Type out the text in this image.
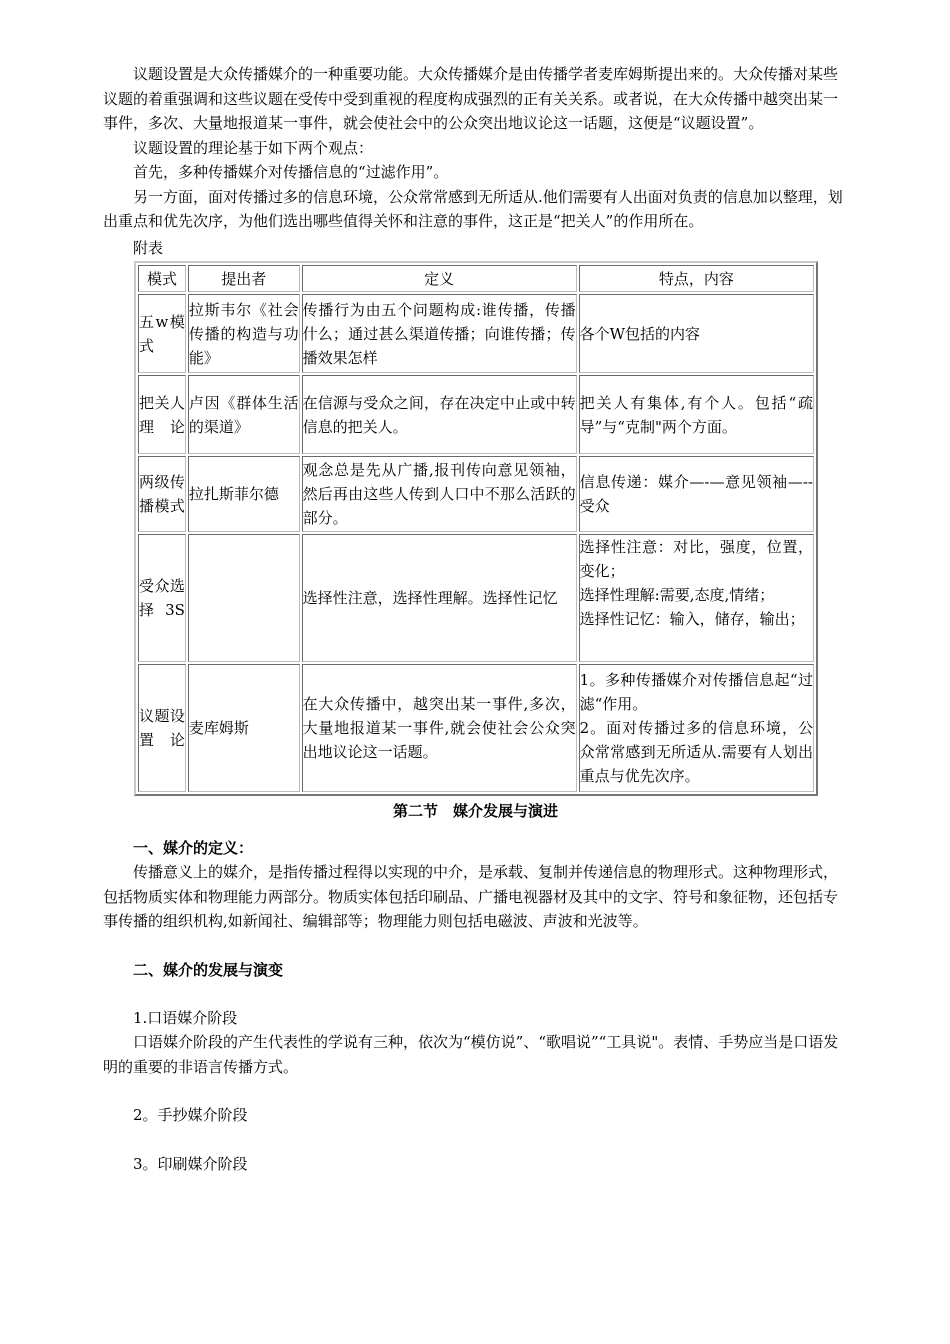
议题设置是大众传播媒介的一种重要功能。大众传播媒介是由传播学者麦库姆斯提出来的。大众传播对某些议题的着重强调和这些议题在受传中受到重视的程度构成强烈的正有关关系。或者说，在大众传播中越突出某一事件，多次、大量地报道某一事件，就会使社会中的公众突出地议论这一话题，这便是“议题设置”。

议题设置的理论基于如下两个观点：

首先，多种传播媒介对传播信息的“过滤作用”。

另一方面，面对传播过多的信息环境，公众常常感到无所适从.他们需要有人出面对负责的信息加以整理，划出重点和优先次序，为他们选出哪些值得关怀和注意的事件，这正是“把关人”的作用所在。

附表

模式	提出者	定义	特点，内容
五w模式	拉斯韦尔《社会传播的构造与功能》	传播行为由五个问题构成:谁传播，传播什么；通过甚么渠道传播；向谁传播；传播效果怎样	各个W包括的内容
把关人理论	卢因《群体生活的渠道》	在信源与受众之间，存在决定中止或中转信息的把关人。	把关人有集体,有个人。包括“疏导”与“克制"两个方面。
两级传播模式	拉扎斯菲尔德	观念总是先从广播,报刊传向意见领袖，然后再由这些人传到人口中不那么活跃的部分。	信息传递：媒介—-—意见领袖—--受众
受众选择3S		选择性注意，选择性理解。选择性记忆	选择性注意：对比，强度，位置，变化；
选择性理解:需要,态度,情绪；
选择性记忆：输入，储存，输出；
议题设置论	麦库姆斯	在大众传播中，越突出某一事件,多次，大量地报道某一事件,就会使社会公众突出地议论这一话题。	1。多种传播媒介对传播信息起“过滤“作用。
2。面对传播过多的信息环境，公众常常感到无所适从.需要有人划出重点与优先次序。

第二节　媒介发展与演进

一、媒介的定义：

传播意义上的媒介，是指传播过程得以实现的中介，是承载、复制并传递信息的物理形式。这种物理形式，包括物质实体和物理能力两部分。物质实体包括印刷品、广播电视器材及其中的文字、符号和象征物，还包括专事传播的组织机构,如新闻社、编辑部等；物理能力则包括电磁波、声波和光波等。

二、媒介的发展与演变

1.口语媒介阶段

口语媒介阶段的产生代表性的学说有三种，依次为“模仿说”、“歌唱说”“工具说"。表情、手势应当是口语发明的重要的非语言传播方式。

2。手抄媒介阶段

3。印刷媒介阶段
